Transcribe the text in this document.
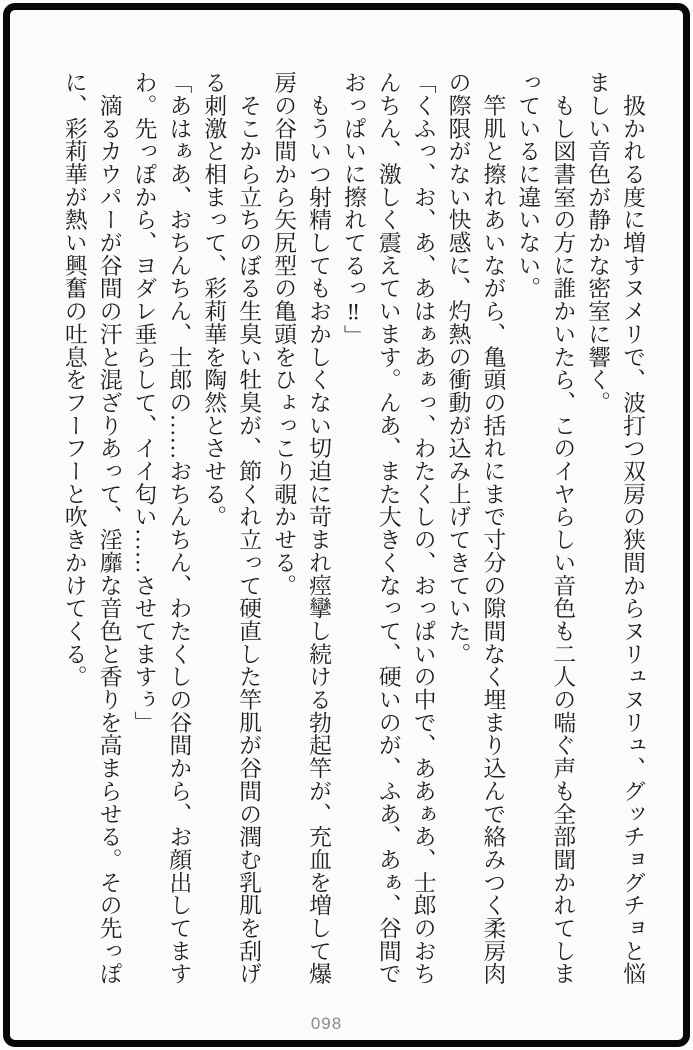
　扱かれる度に増すヌメリで、波打つ双房の狭間からヌリュヌリュ、グッチョグチョと悩
ましい音色が静かな密室に響く。
　もし図書室の方に誰かいたら、このイヤらしい音色も二人の喘ぐ声も全部聞かれてしま
っているに違いない。
　竿肌と擦れあいながら、亀頭の括れにまで寸分の隙間なく埋まり込んで絡みつく柔房肉
の際限がない快感に、灼熱の衝動が込み上げてきていた。
「くふっ、お、あ、あはぁあぁっ、わたくしの、おっぱいの中で、ああぁあ、士郎のおち
んちん、激しく震えています。んあ、また大きくなって、硬いのが、ふあ、あぁ、谷間で
おっぱいに擦れてるっ‼」
　もういつ射精してもおかしくない切迫に苛まれ痙攣し続ける勃起竿が、充血を増して爆
房の谷間から矢尻型の亀頭をひょっこり覗かせる。
　そこから立ちのぼる生臭い牡臭が、節くれ立って硬直した竿肌が谷間の潤む乳肌を刮げ
る刺激と相まって、彩莉華を陶然とさせる。
「あはぁあ、おちんちん、士郎の……おちんちん、わたくしの谷間から、お顔出してます
わ。先っぽから、ヨダレ垂らして、イイ匂い……させてますぅ」
　滴るカウパーが谷間の汗と混ざりあって、淫靡な音色と香りを高まらせる。その先っぽ
に、彩莉華が熱い興奮の吐息をフーフーと吹きかけてくる。
098
